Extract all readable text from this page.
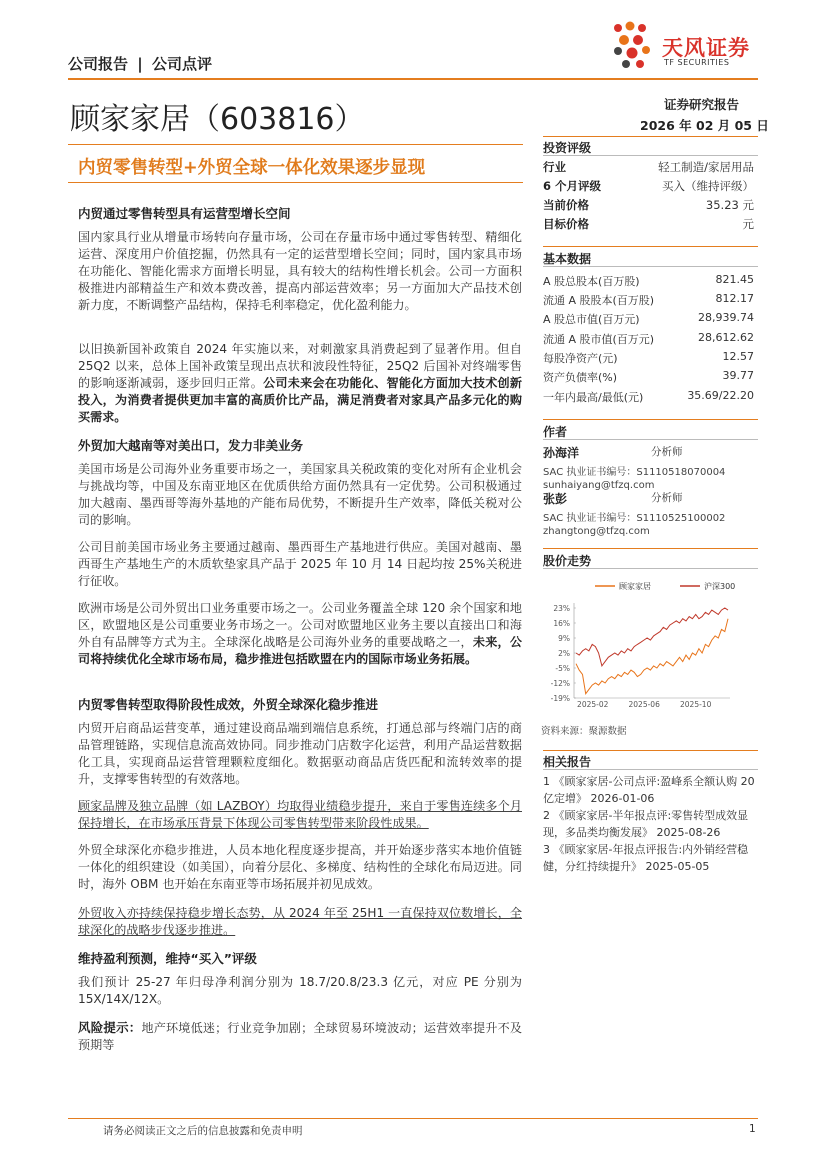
公司报告 | 公司点评
天风证券
TF SECURITIES
顾家家居（603816）	证券研究报告
2026 年 02 月 05 日
内贸零售转型+外贸全球一体化效果逐步显现
内贸通过零售转型具有运营型增长空间
国内家具行业从增量市场转向存量市场，公司在存量市场中通过零售转型、精细化运营、深度用户价值挖掘，仍然具有一定的运营型增长空间；同时，国内家具市场在功能化、智能化需求方面增长明显，具有较大的结构性增长机会。公司一方面积极推进内部精益生产和效本费改善，提高内部运营效率；另一方面加大产品技术创新力度，不断调整产品结构，保持毛利率稳定，优化盈利能力。
以旧换新国补政策自 2024 年实施以来，对刺激家具消费起到了显著作用。但自 25Q2 以来，总体上国补政策呈现出点状和波段性特征，25Q2 后国补对终端零售的影响逐渐减弱，逐步回归正常。公司未来会在功能化、智能化方面加大技术创新投入，为消费者提供更加丰富的高质价比产品，满足消费者对家具产品多元化的购买需求。
外贸加大越南等对美出口，发力非美业务
美国市场是公司海外业务重要市场之一，美国家具关税政策的变化对所有企业机会与挑战均等，中国及东南亚地区在优质供给方面仍然具有一定优势。公司积极通过加大越南、墨西哥等海外基地的产能布局优势，不断提升生产效率，降低关税对公司的影响。
公司目前美国市场业务主要通过越南、墨西哥生产基地进行供应。美国对越南、墨西哥生产基地生产的木质软垫家具产品于 2025 年 10 月 14 日起均按 25%关税进行征收。
欧洲市场是公司外贸出口业务重要市场之一。公司业务覆盖全球 120 余个国家和地区，欧盟地区是公司重要业务市场之一。公司对欧盟地区业务主要以直接出口和海外自有品牌等方式为主。全球深化战略是公司海外业务的重要战略之一，未来，公司将持续优化全球市场布局，稳步推进包括欧盟在内的国际市场业务拓展。
内贸零售转型取得阶段性成效，外贸全球深化稳步推进
内贸开启商品运营变革，通过建设商品端到端信息系统，打通总部与终端门店的商品管理链路，实现信息流高效协同。同步推动门店数字化运营，利用产品运营数据化工具，实现商品运营管理颗粒度细化。数据驱动商品店货匹配和流转效率的提升，支撑零售转型的有效落地。
顾家品牌及独立品牌（如 LAZBOY）均取得业绩稳步提升，来自于零售连续多个月保持增长，在市场承压背景下体现公司零售转型带来阶段性成果。
外贸全球深化亦稳步推进，人员本地化程度逐步提高，并开始逐步落实本地价值链一体化的组织建设（如美国），向着分层化、多梯度、结构性的全球化布局迈进。同时，海外 OBM 也开始在东南亚等市场拓展并初见成效。
外贸收入亦持续保持稳步增长态势，从 2024 年至 25H1 一直保持双位数增长，全球深化的战略步伐逐步推进。
维持盈利预测，维持“买入”评级
我们预计 25-27 年归母净利润分别为 18.7/20.8/23.3 亿元，对应 PE 分别为 15X/14X/12X。
风险提示：地产环境低迷；行业竞争加剧；全球贸易环境波动；运营效率提升不及预期等
投资评级
行业	轻工制造/家居用品
6 个月评级	买入（维持评级）
当前价格	35.23 元
目标价格	元
基本数据
A 股总股本(百万股)	821.45
流通 A 股股本(百万股)	812.17
A 股总市值(百万元)	28,939.74
流通 A 股市值(百万元)	28,612.62
每股净资产(元)	12.57
资产负债率(%)	39.77
一年内最高/最低(元)	35.69/22.20
作者
孙海洋	分析师
SAC 执业证书编号：S1110518070004
sunhaiyang@tfzq.com
张彭	分析师
SAC 执业证书编号：S1110525100002
zhangtong@tfzq.com
股价走势
顾家家居	沪深300
23%
16%
9%
2%
-5%
-12%
-19%
2025-02	2025-06	2025-10
资料来源：聚源数据
相关报告
1 《顾家家居-公司点评:盈峰系全额认购 20 亿定增》 2026-01-06
2 《顾家家居-半年报点评:零售转型成效显现，多品类均衡发展》 2025-08-26
3 《顾家家居-年报点评报告:内外销经营稳健，分红持续提升》 2025-05-05
请务必阅读正文之后的信息披露和免责申明	1
